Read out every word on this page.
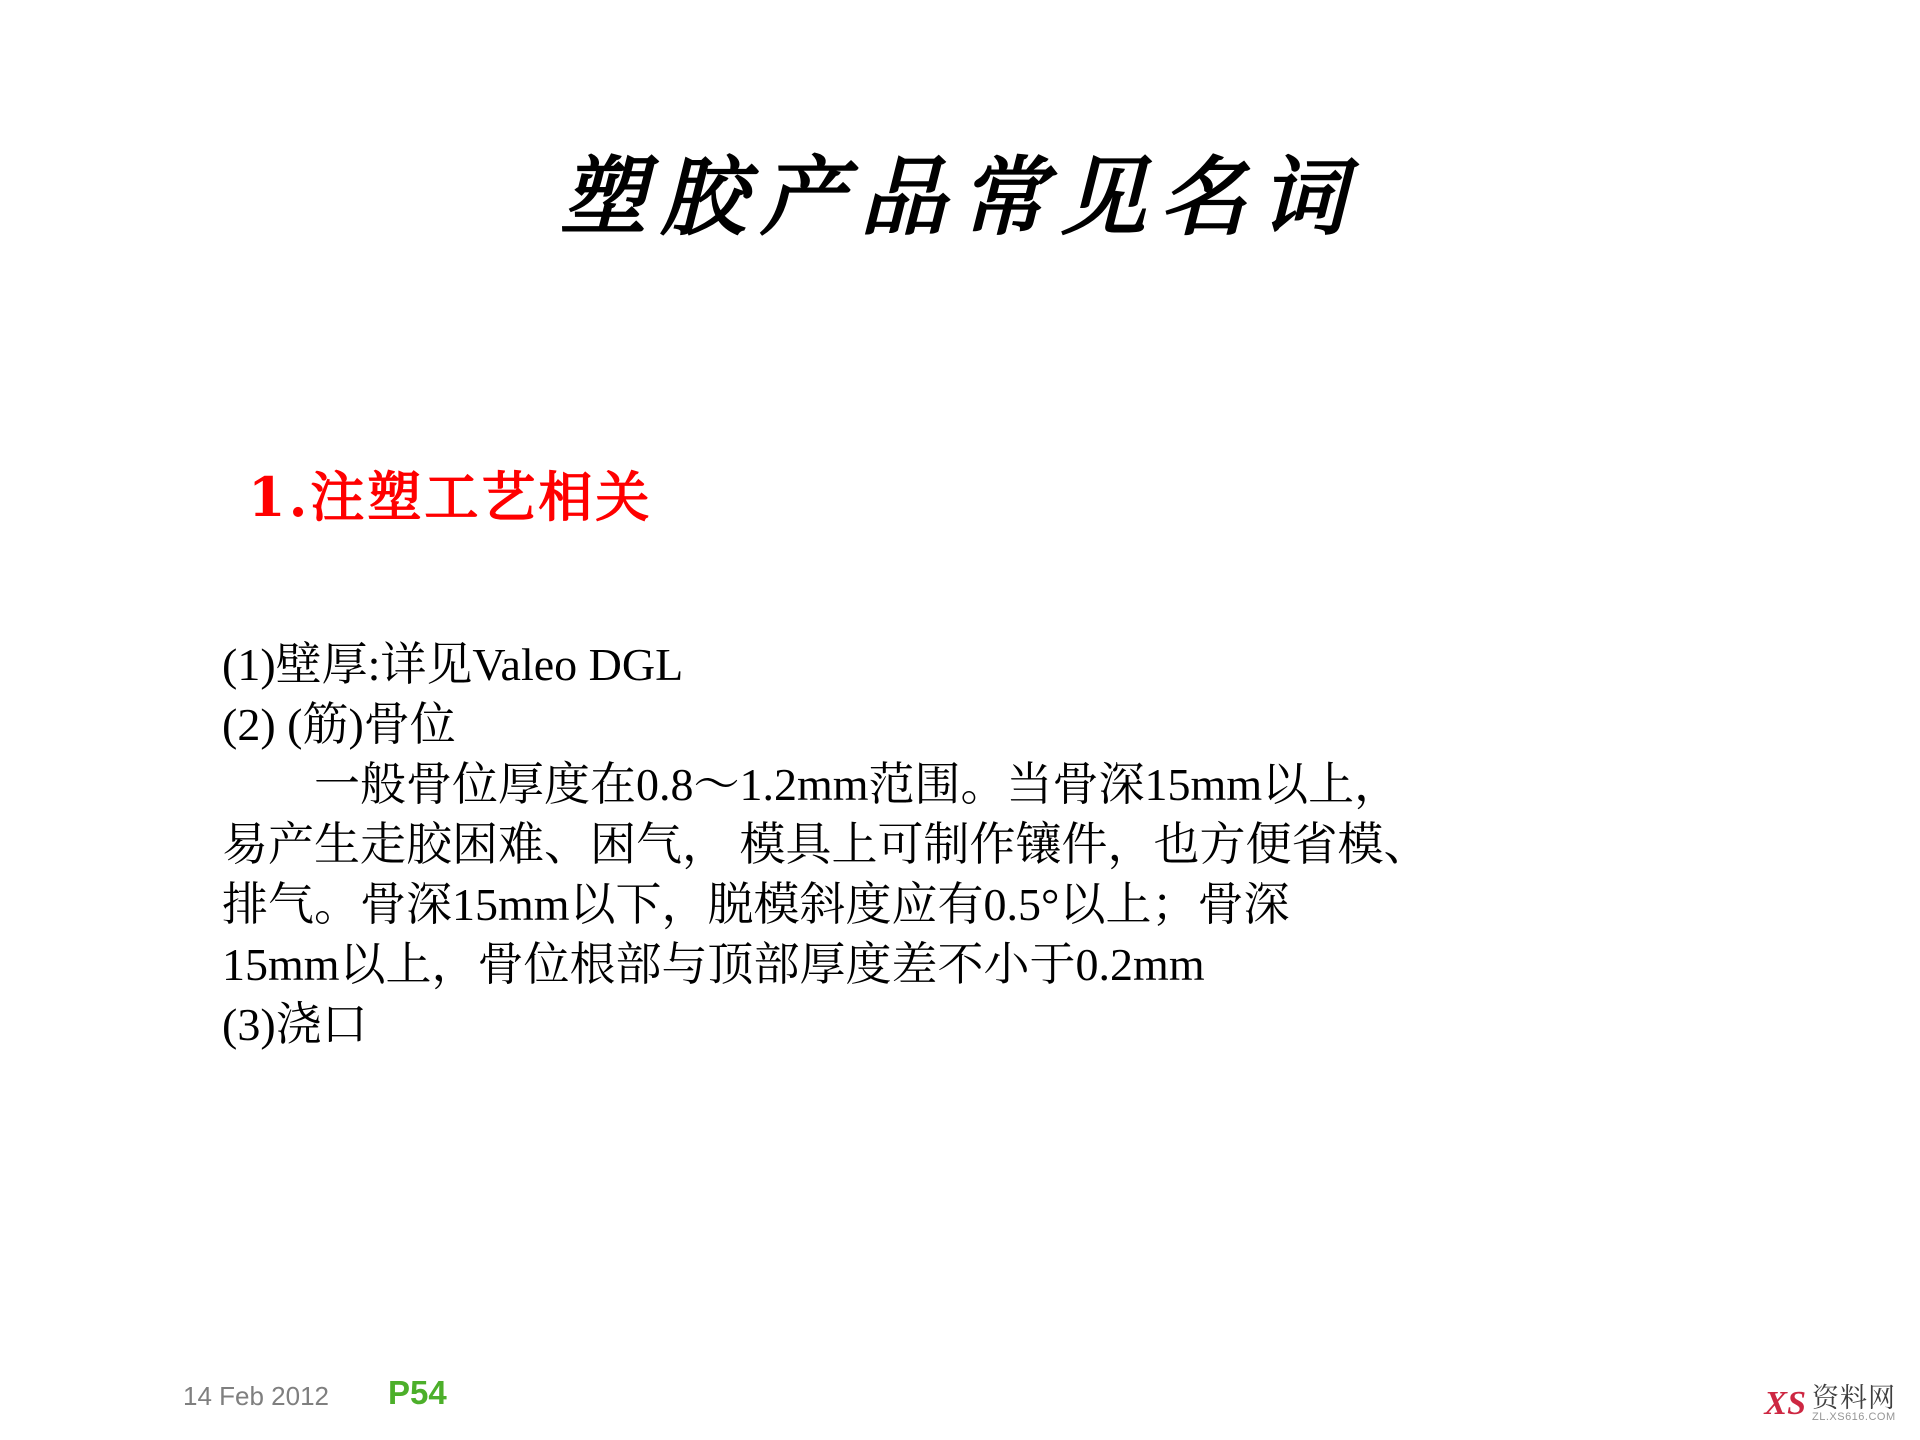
塑胶产品常见名词
1.注塑工艺相关

(1)壁厚:详见Valeo DGL

(2) (筋)骨位

　　一般骨位厚度在0.8～1.2mm范围。当骨深15mm以上，

易产生走胶困难、困气， 模具上可制作镶件，也方便省模、

排气。骨深15mm以下，脱模斜度应有0.5°以上；骨深

15mm以上，骨位根部与顶部厚度差不小于0.2mm

(3)浇口

14 Feb 2012 P54	XS 资料网
ZL.XS616.COM
